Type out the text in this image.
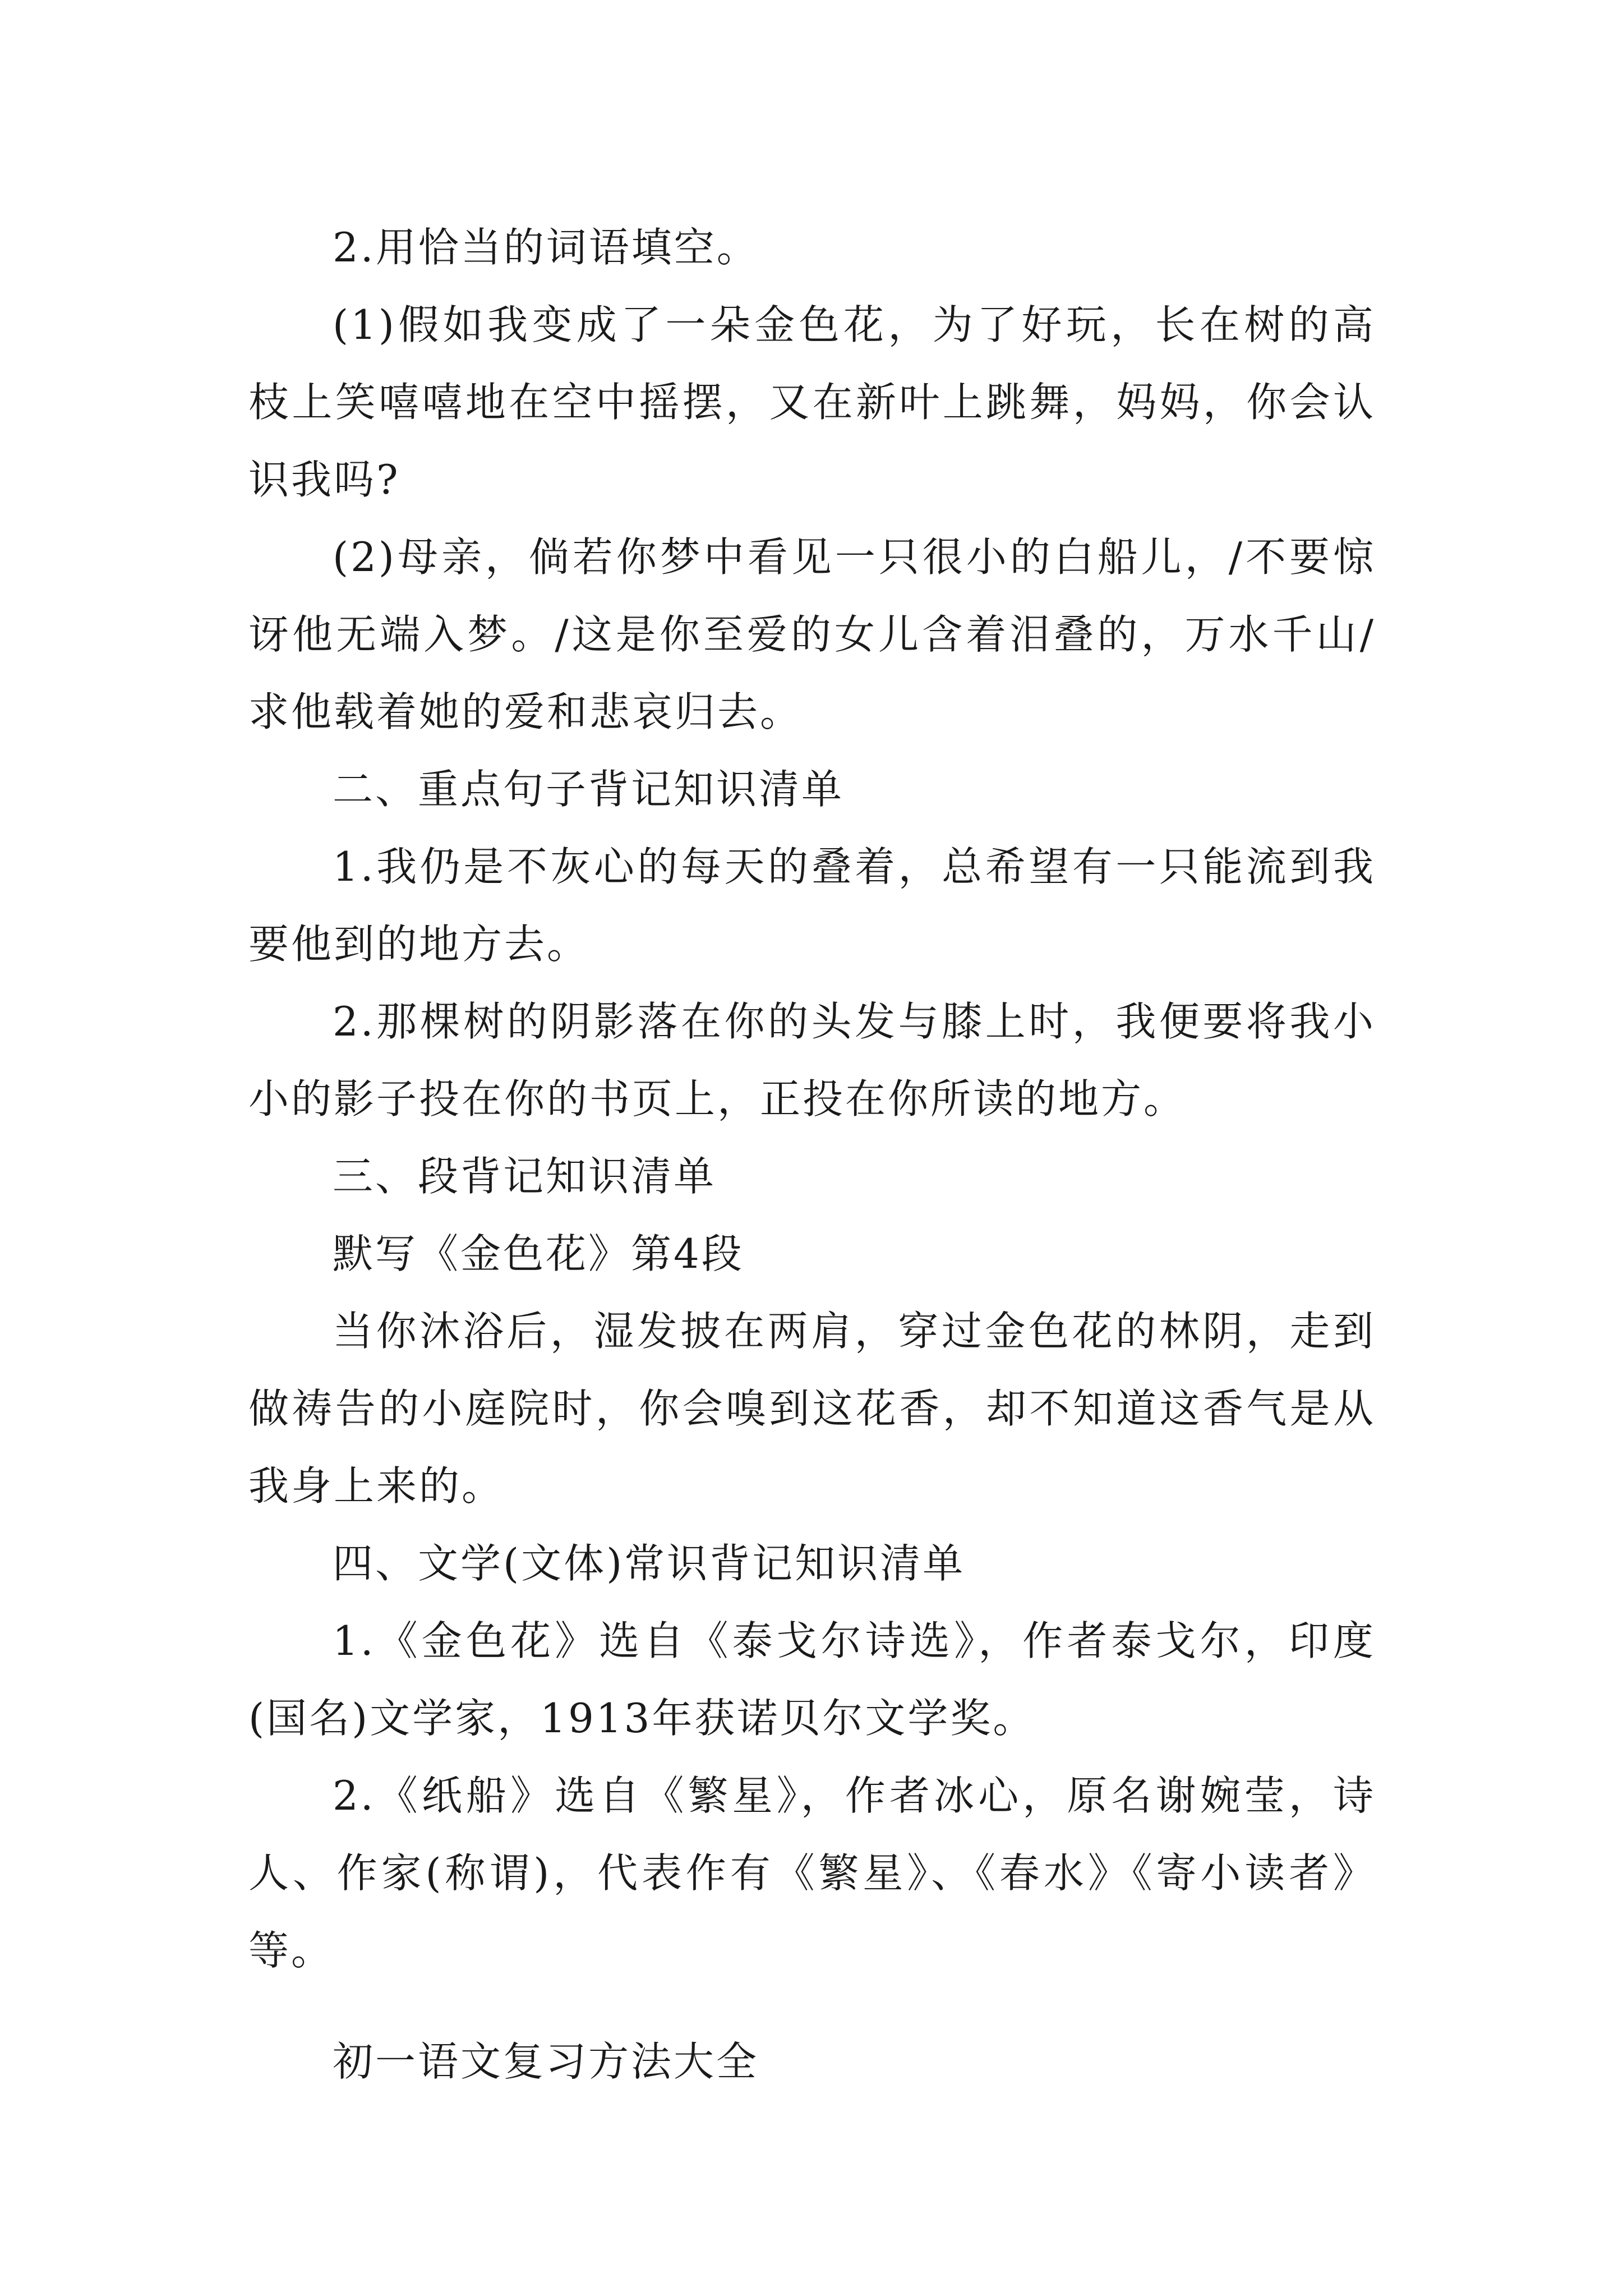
2.用恰当的词语填空。

(1)假如我变成了一朵金色花，为了好玩，长在树的高枝上笑嘻嘻地在空中摇摆，又在新叶上跳舞，妈妈，你会认识我吗?

(2)母亲，倘若你梦中看见一只很小的白船儿，/不要惊讶他无端入梦。/这是你至爱的女儿含着泪叠的，万水千山/求他载着她的爱和悲哀归去。

二、重点句子背记知识清单

1.我仍是不灰心的每天的叠着，总希望有一只能流到我要他到的地方去。

2.那棵树的阴影落在你的头发与膝上时，我便要将我小小的影子投在你的书页上，正投在你所读的地方。

三、段背记知识清单

默写《金色花》第4段

当你沐浴后，湿发披在两肩，穿过金色花的林阴，走到做祷告的小庭院时，你会嗅到这花香，却不知道这香气是从我身上来的。

四、文学(文体)常识背记知识清单

1.《金色花》选自《泰戈尔诗选》，作者泰戈尔，印度(国名)文学家，1913年获诺贝尔文学奖。

2.《纸船》选自《繁星》，作者冰心，原名谢婉莹，诗人、作家(称谓)，代表作有《繁星》、《春水》《寄小读者》等。

初一语文复习方法大全
